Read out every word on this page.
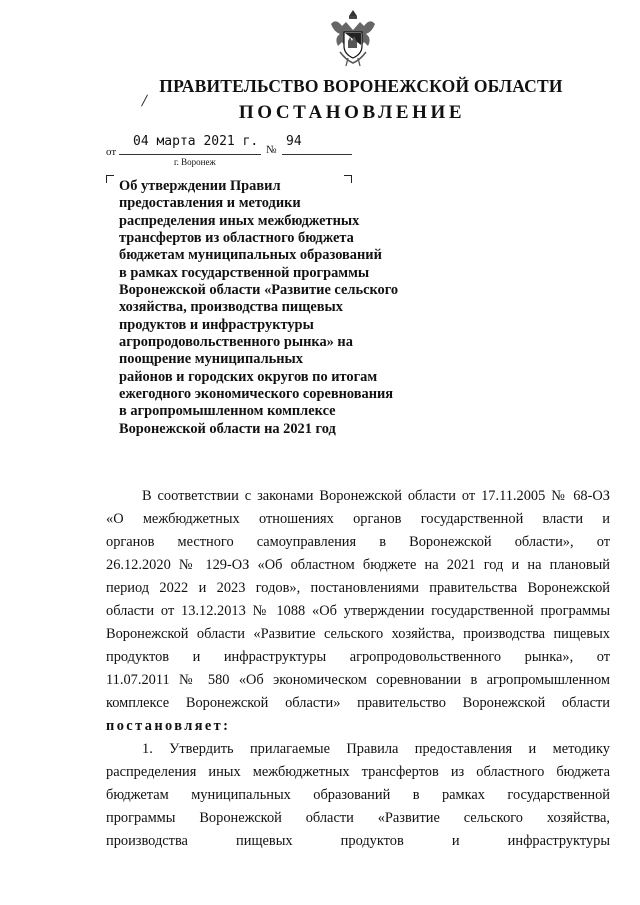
ПРАВИТЕЛЬСТВО ВОРОНЕЖСКОЙ ОБЛАСТИ
ПОСТАНОВЛЕНИЕ
от
04 марта 2021 г.
№
94
г. Воронеж
Об утверждении Правил
предоставления и методики
распределения иных межбюджетных
трансфертов из областного бюджета
бюджетам муниципальных образований
в рамках государственной программы
Воронежской области «Развитие сельского
хозяйства, производства пищевых
продуктов и инфраструктуры
агропродовольственного рынка» на
поощрение муниципальных
районов и городских округов по итогам
ежегодного экономического соревнования
в агропромышленном комплексе
Воронежской области на 2021 год
В соответствии с законами Воронежской области от 17.11.2005 № 68-ОЗ
«О межбюджетных отношениях органов государственной власти и
органов местного самоуправления в Воронежской области», от
26.12.2020 № 129-ОЗ «Об областном бюджете на 2021 год и на плановый
период 2022 и 2023 годов», постановлениями правительства Воронежской
области от 13.12.2013 № 1088 «Об утверждении государственной программы
Воронежской области «Развитие сельского хозяйства, производства пищевых
продуктов и инфраструктуры агропродовольственного рынка», от
11.07.2011 № 580 «Об экономическом соревновании в агропромышленном
комплексе Воронежской области» правительство Воронежской области
постановляет:
1. Утвердить прилагаемые Правила предоставления и методику
распределения иных межбюджетных трансфертов из областного бюджета
бюджетам муниципальных образований в рамках государственной
программы Воронежской области «Развитие сельского хозяйства,
производства пищевых продуктов и инфраструктуры
